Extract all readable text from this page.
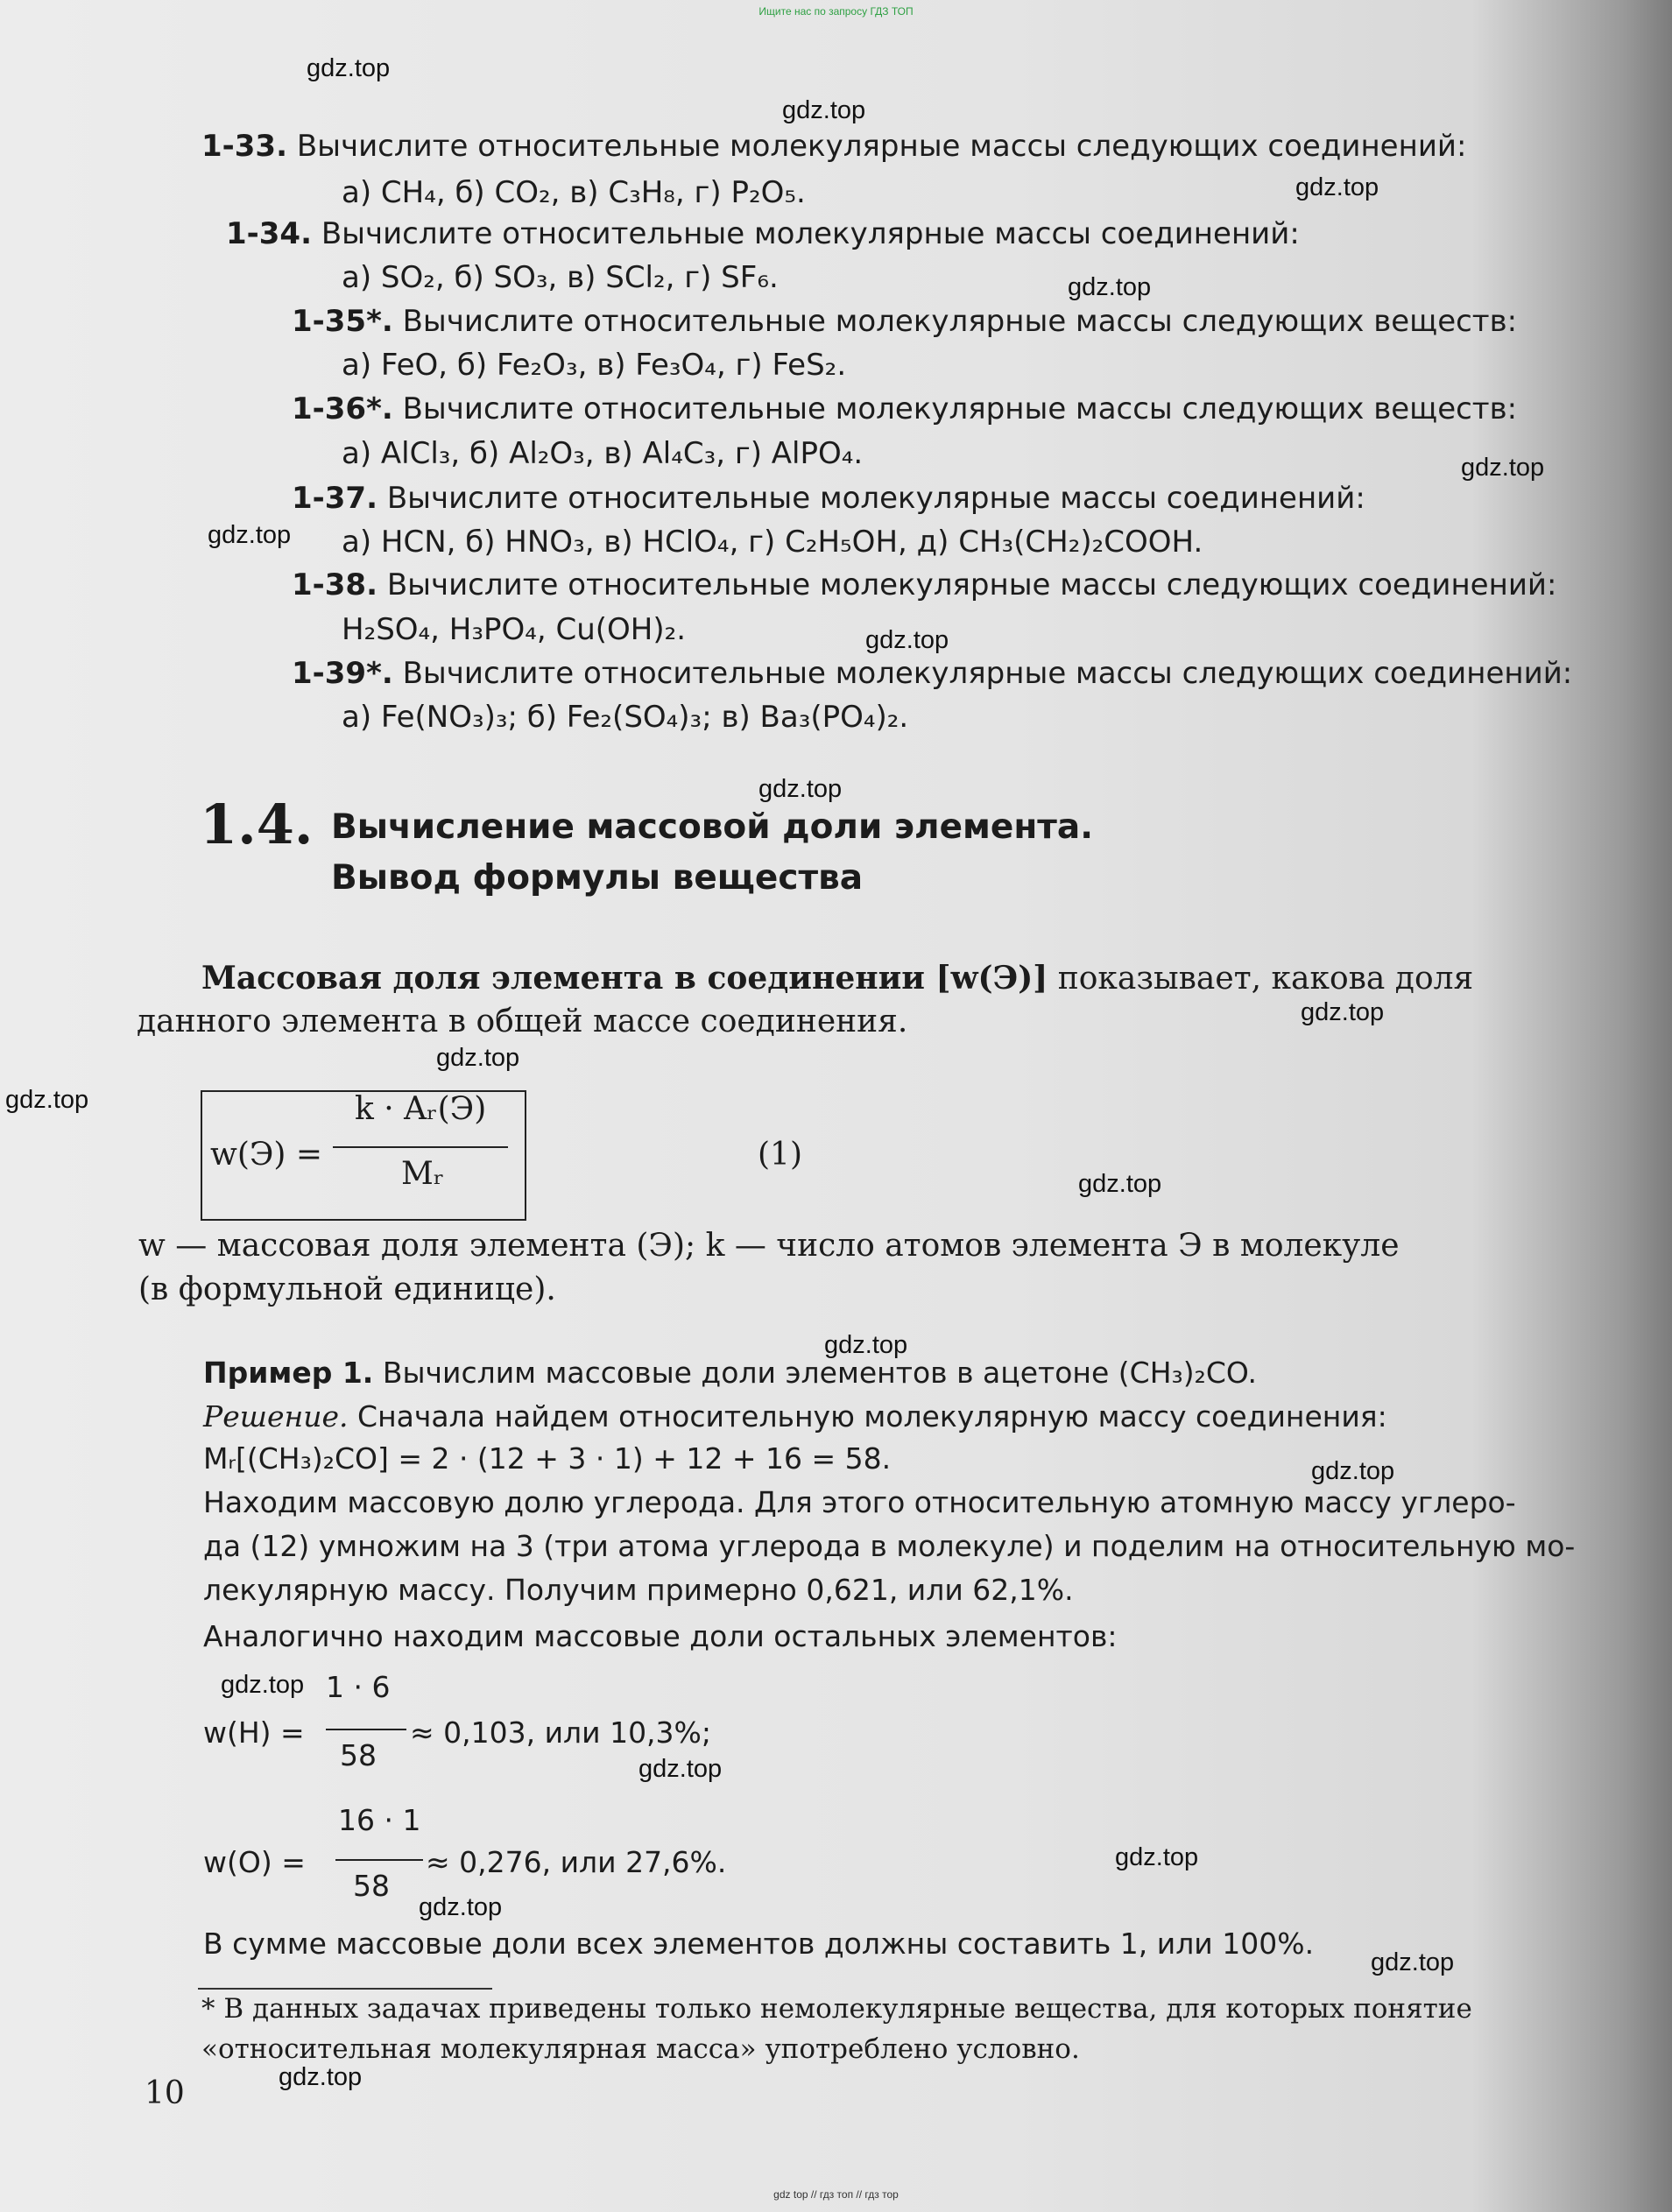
Ищите нас по запросу ГДЗ ТОП
gdz.top
gdz.top
gdz.top
gdz.top
gdz.top
gdz.top
gdz.top
gdz.top
gdz.top
gdz.top
gdz.top
gdz.top
gdz.top
gdz.top
gdz.top
gdz.top
gdz.top
gdz.top
gdz.top
gdz.top
1-33. Вычислите относительные молекулярные массы следующих соединений:
а) CH₄, б) CO₂, в) C₃H₈, г) P₂O₅.
1-34. Вычислите относительные молекулярные массы соединений:
а) SO₂, б) SO₃, в) SCl₂, г) SF₆.
1-35*. Вычислите относительные молекулярные массы следующих веществ:
а) FeO, б) Fe₂O₃, в) Fe₃O₄, г) FeS₂.
1-36*. Вычислите относительные молекулярные массы следующих веществ:
а) AlCl₃, б) Al₂O₃, в) Al₄C₃, г) AlPO₄.
1-37. Вычислите относительные молекулярные массы соединений:
а) HCN, б) HNO₃, в) HClO₄, г) C₂H₅OH, д) CH₃(CH₂)₂COOH.
1-38. Вычислите относительные молекулярные массы следующих соединений:
H₂SO₄, H₃PO₄, Cu(OH)₂.
1-39*. Вычислите относительные молекулярные массы следующих соединений:
а) Fe(NO₃)₃; б) Fe₂(SO₄)₃; в) Ba₃(PO₄)₂.
1.4. Вычисление массовой доли элемента.
Вывод формулы вещества
Массовая доля элемента в соединении [w(Э)] показывает, какова доля
данного элемента в общей массе соединения.
w(Э) =
k · Aᵣ(Э)
Mᵣ
(1)
w — массовая доля элемента (Э); k — число атомов элемента Э в молекуле
(в формульной единице).
Пример 1. Вычислим массовые доли элементов в ацетоне (CH₃)₂CO.
Решение. Сначала найдем относительную молекулярную массу соединения:
Mᵣ[(CH₃)₂CO] = 2 · (12 + 3 · 1) + 12 + 16 = 58.
Находим массовую долю углерода. Для этого относительную атомную массу углеро-
да (12) умножим на 3 (три атома углерода в молекуле) и поделим на относительную мо-
лекулярную массу. Получим примерно 0,621, или 62,1%.
Аналогично находим массовые доли остальных элементов:
w(H) =
1 · 6
58
≈ 0,103, или 10,3%;
w(O) =
16 · 1
58
≈ 0,276, или 27,6%.
В сумме массовые доли всех элементов должны составить 1, или 100%.
* В данных задачах приведены только немолекулярные вещества, для которых понятие
«относительная молекулярная масса» употреблено условно.
10
gdz top // гдз топ // гдз тор
